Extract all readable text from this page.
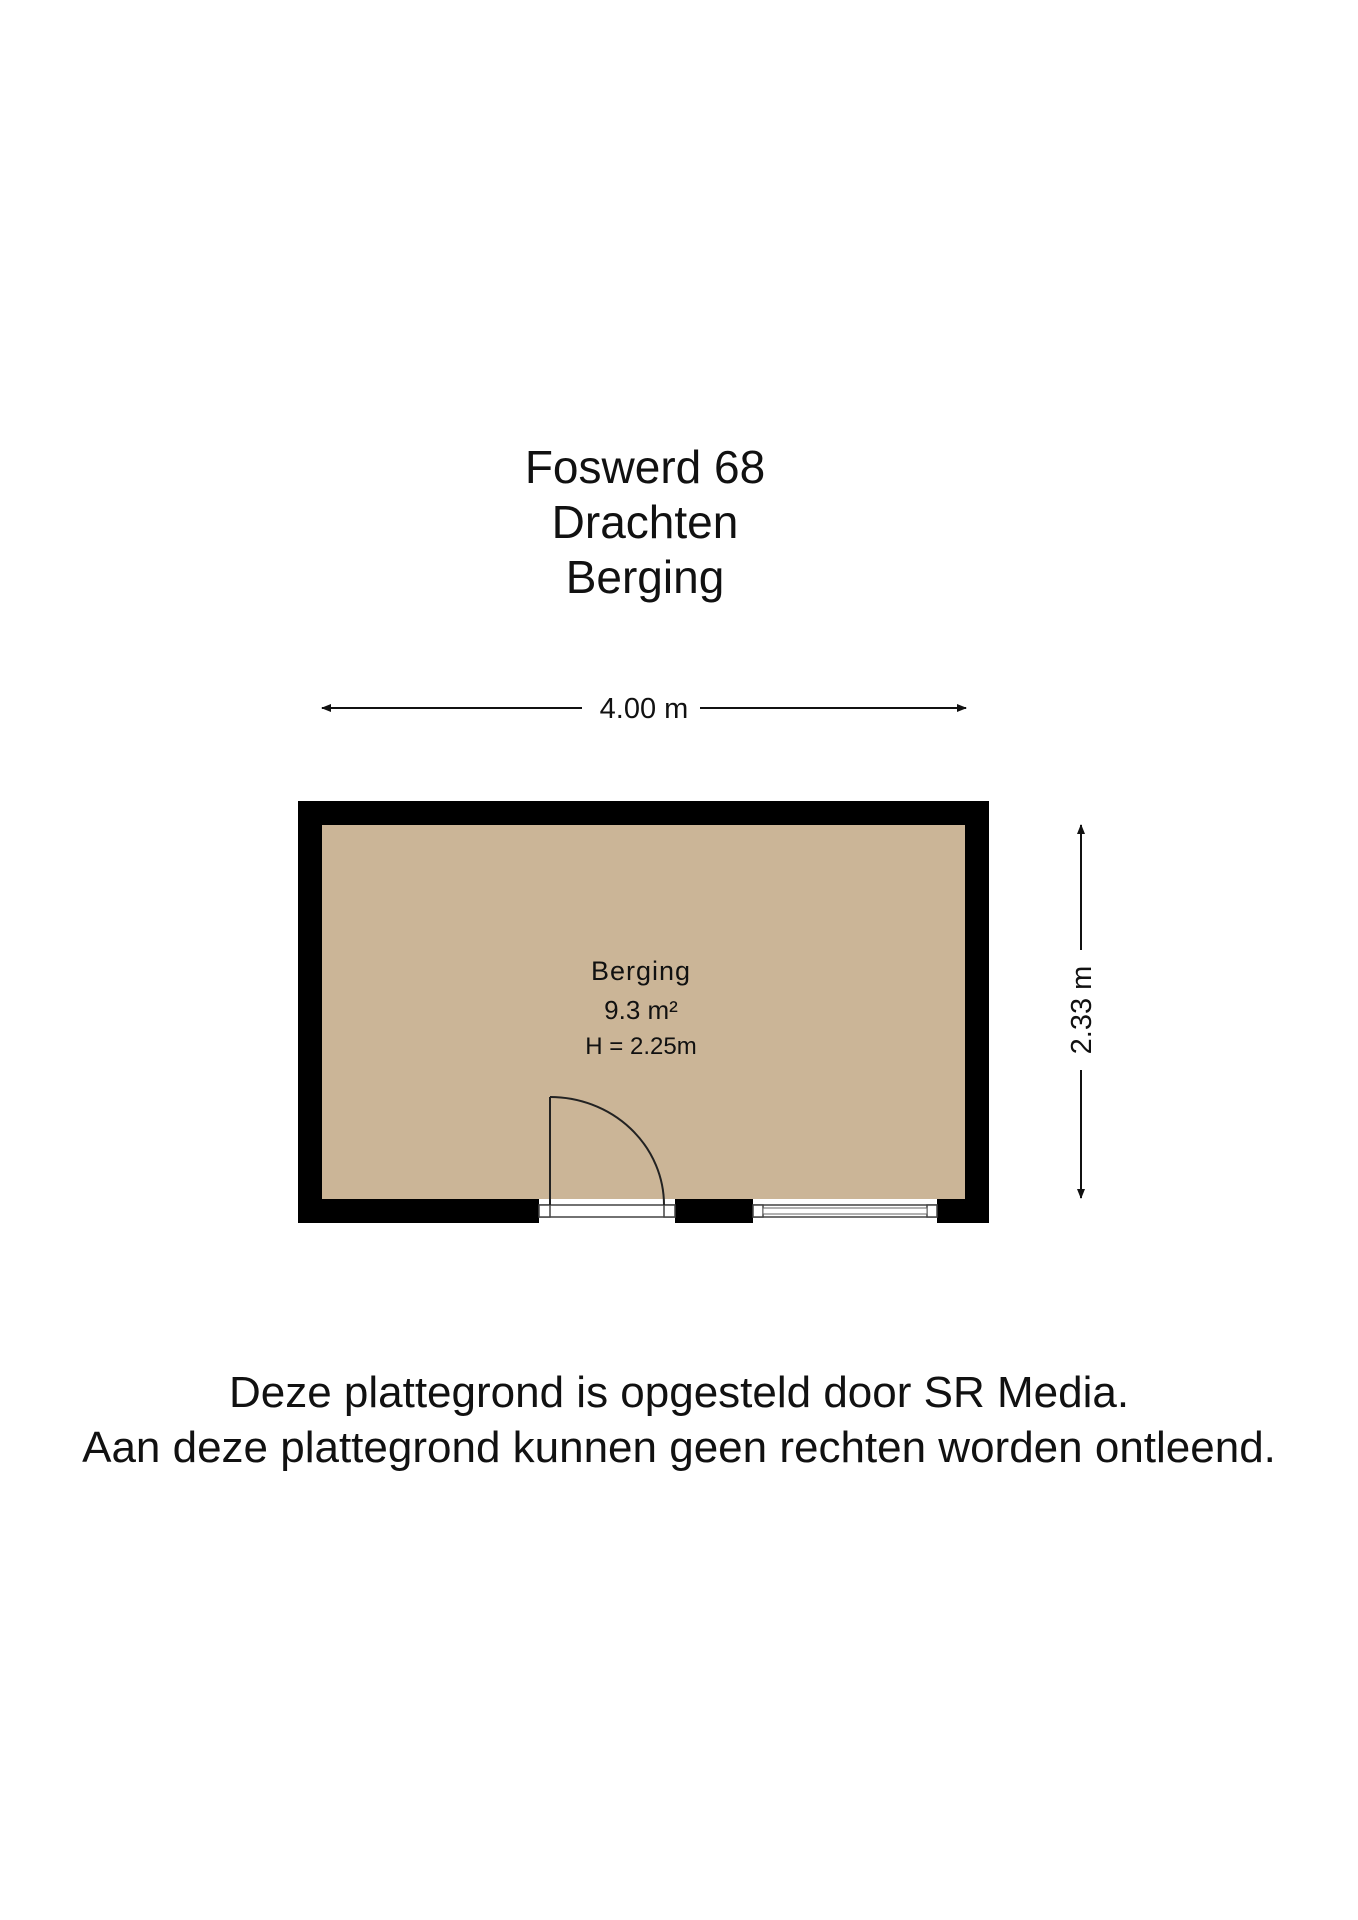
Foswerd 68
Drachten
Berging
4.00 m
2.33 m
Berging
9.3 m²
H = 2.25m
Deze plattegrond is opgesteld door SR Media.
Aan deze plattegrond kunnen geen rechten worden ontleend.
